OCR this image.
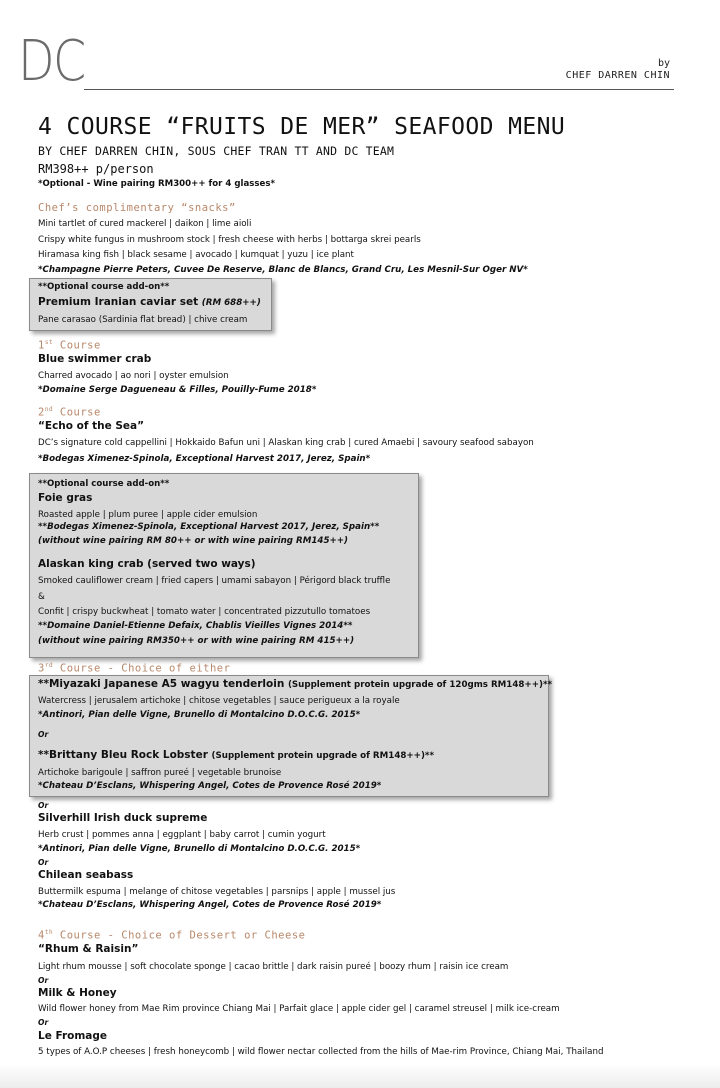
DC	by
CHEF DARREN CHIN
4 COURSE “FRUITS DE MER” SEAFOOD MENU
BY CHEF DARREN CHIN, SOUS CHEF TRAN TT AND DC TEAM
RM398++ p/person
*Optional - Wine pairing RM300++ for 4 glasses*
Chef’s complimentary “snacks”
Mini tartlet of cured mackerel | daikon | lime aioli
Crispy white fungus in mushroom stock | fresh cheese with herbs | bottarga skrei pearls
Hiramasa king fish | black sesame | avocado | kumquat | yuzu | ice plant
*Champagne Pierre Peters, Cuvee De Reserve, Blanc de Blancs, Grand Cru, Les Mesnil-Sur Oger NV*
**Optional course add-on**
Premium Iranian caviar set (RM 688++)
Pane carasao (Sardinia flat bread) | chive cream
1st Course
Blue swimmer crab
Charred avocado | ao nori | oyster emulsion
*Domaine Serge Dagueneau & Filles, Pouilly-Fume 2018*
2nd Course
“Echo of the Sea”
DC’s signature cold cappellini | Hokkaido Bafun uni | Alaskan king crab | cured Amaebi | savoury seafood sabayon
*Bodegas Ximenez-Spinola, Exceptional Harvest 2017, Jerez, Spain*
**Optional course add-on**
Foie gras
Roasted apple | plum puree | apple cider emulsion
**Bodegas Ximenez-Spinola, Exceptional Harvest 2017, Jerez, Spain**
(without wine pairing RM 80++ or with wine pairing RM145++)
Alaskan king crab (served two ways)
Smoked cauliflower cream | fried capers | umami sabayon | Périgord black truffle
&
Confit | crispy buckwheat | tomato water | concentrated pizzutullo tomatoes
**Domaine Daniel-Etienne Defaix, Chablis Vieilles Vignes 2014**
(without wine pairing RM350++ or with wine pairing RM 415++)
3rd Course - Choice of either
**Miyazaki Japanese A5 wagyu tenderloin (Supplement protein upgrade of 120gms RM148++)**
Watercress | jerusalem artichoke | chitose vegetables | sauce perigueux a la royale
*Antinori, Pian delle Vigne, Brunello di Montalcino D.O.C.G. 2015*
Or
**Brittany Bleu Rock Lobster (Supplement protein upgrade of RM148++)**
Artichoke barigoule | saffron pureé | vegetable brunoise
*Chateau D’Esclans, Whispering Angel, Cotes de Provence Rosé 2019*
Or
Silverhill Irish duck supreme
Herb crust | pommes anna | eggplant | baby carrot | cumin yogurt
*Antinori, Pian delle Vigne, Brunello di Montalcino D.O.C.G. 2015*
Or
Chilean seabass
Buttermilk espuma | melange of chitose vegetables | parsnips | apple | mussel jus
*Chateau D’Esclans, Whispering Angel, Cotes de Provence Rosé 2019*
4th Course - Choice of Dessert or Cheese
“Rhum & Raisin”
Light rhum mousse | soft chocolate sponge | cacao brittle | dark raisin pureé | boozy rhum | raisin ice cream
Or
Milk & Honey
Wild flower honey from Mae Rim province Chiang Mai | Parfait glace | apple cider gel | caramel streusel | milk ice-cream
Or
Le Fromage
5 types of A.O.P cheeses | fresh honeycomb | wild flower nectar collected from the hills of Mae-rim Province, Chiang Mai, Thailand
